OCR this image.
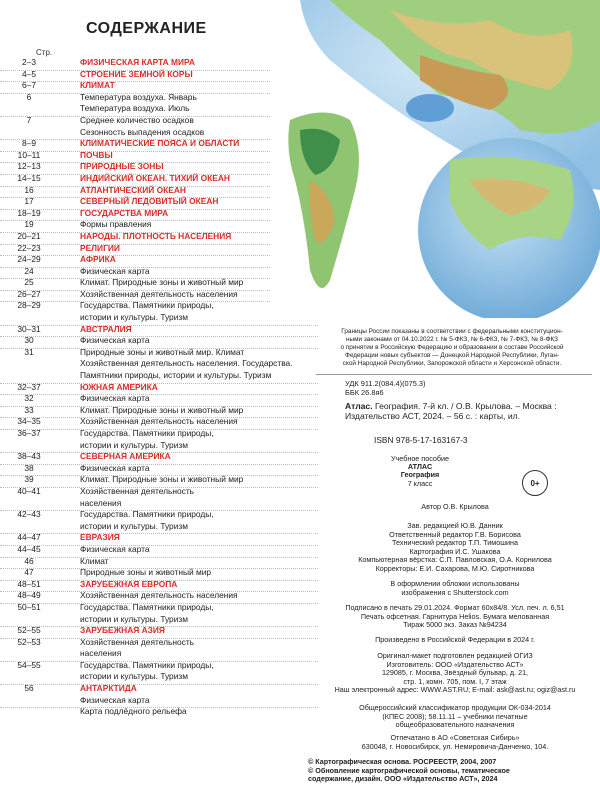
СОДЕРЖАНИЕ
Стр.
2–3	ФИЗИЧЕСКАЯ КАРТА МИРА
4–5	СТРОЕНИЕ ЗЕМНОЙ КОРЫ
6–7	КЛИМАТ
6	Температура воздуха. Январь
Температура воздуха. Июль
7	Среднее количество осадков
Сезонность выпадения осадков
8–9	КЛИМАТИЧЕСКИЕ ПОЯСА И ОБЛАСТИ
10–11	ПОЧВЫ
12–13	ПРИРОДНЫЕ ЗОНЫ
14–15	ИНДИЙСКИЙ ОКЕАН. ТИХИЙ ОКЕАН
16	АТЛАНТИЧЕСКИЙ ОКЕАН
17	СЕВЕРНЫЙ ЛЕДОВИТЫЙ ОКЕАН
18–19	ГОСУДАРСТВА МИРА
19	Формы правления
20–21	НАРОДЫ. ПЛОТНОСТЬ НАСЕЛЕНИЯ
22–23	РЕЛИГИИ
24–29	АФРИКА
24	Физическая карта
25	Климат. Природные зоны и животный мир
26–27	Хозяйственная деятельность населения
28–29	Государства. Памятники природы,
истории и культуры. Туризм
30–31	АВСТРАЛИЯ
30	Физическая карта
31	Природные зоны и животный мир. Климат
Хозяйственная деятельность населения. Государства.
Памятники природы, истории и культуры. Туризм
32–37	ЮЖНАЯ АМЕРИКА
32	Физическая карта
33	Климат. Природные зоны и животный мир
34–35	Хозяйственная деятельность населения
36–37	Государства. Памятники природы,
истории и культуры. Туризм
38–43	СЕВЕРНАЯ АМЕРИКА
38	Физическая карта
39	Климат. Природные зоны и животный мир
40–41	Хозяйственная деятельность
населения
42–43	Государства. Памятники природы,
истории и культуры. Туризм
44–47	ЕВРАЗИЯ
44–45	Физическая карта
46	Климат
47	Природные зоны и животный мир
48–51	ЗАРУБЕЖНАЯ ЕВРОПА
48–49	Хозяйственная деятельность населения
50–51	Государства. Памятники природы,
истории и культуры. Туризм
52–55	ЗАРУБЕЖНАЯ АЗИЯ
52–53	Хозяйственная деятельность
населения
54–55	Государства. Памятники природы,
истории и культуры. Туризм
56	АНТАРКТИДА
Физическая карта
Карта подлёдного рельефа
Границы России показаны в соответствии с федеральными конституцион-
ными законами от 04.10.2022 г. № 5-ФКЗ, № 6-ФКЗ, № 7-ФКЗ, № 8-ФКЗ
о принятии в Российскую Федерацию и образовании в составе Российской
Федерации новых субъектов — Донецкой Народной Республики, Луган-
ской Народной Республики, Запорожской области и Херсонской области.
УДК 911.2(084.4)(075.3)
ББК 26.8я6
Атлас. География. 7-й кл. / О.В. Крылова. – Москва :
Издательство АСТ, 2024. – 56 с. : карты, ил.
ISBN 978-5-17-163167-3
Учебное пособие
АТЛАС
География
7 класс	0+
Автор О.В. Крылова
Зав. редакцией Ю.В. Данник
Ответственный редактор Г.В. Борисова
Технический редактор Т.П. Тимошина
Картография И.С. Ушакова
Компьютерная вёрстка: С.П. Павловская, О.А. Корнилова
Корректоры: Е.И. Сахарова, М.Ю. Сиротникова
В оформлении обложки использованы
изображения с Shutterstock.com
Подписано в печать 29.01.2024. Формат 60х84/8. Усл. печ. л. 6,51
Печать офсетная. Гарнитура Helios. Бумага мелованная
Тираж 5000 экз. Заказ №94234
Произведено в Российской Федерации в 2024 г.
Оригинал-макет подготовлен редакцией ОГИЗ
Изготовитель: ООО «Издательство АСТ»
129085, г. Москва, Звёздный бульвар, д. 21,
стр. 1, комн. 705, пом. I, 7 этаж
Наш электронный адрес: WWW.AST.RU; E-mail: ask@ast.ru; ogiz@ast.ru
Общероссийский классификатор продукции ОК-034-2014
(КПЕС 2008); 58.11.11 – учебники печатные
общеобразовательного назначения
Отпечатано в АО «Советская Сибирь»
630048, г. Новосибирск, ул. Немировича-Данченко, 104.
© Картографическая основа. РОСРЕЕСТР, 2004, 2007
© Обновление картографической основы, тематическое
содержание, дизайн. ООО «Издательство АСТ», 2024
